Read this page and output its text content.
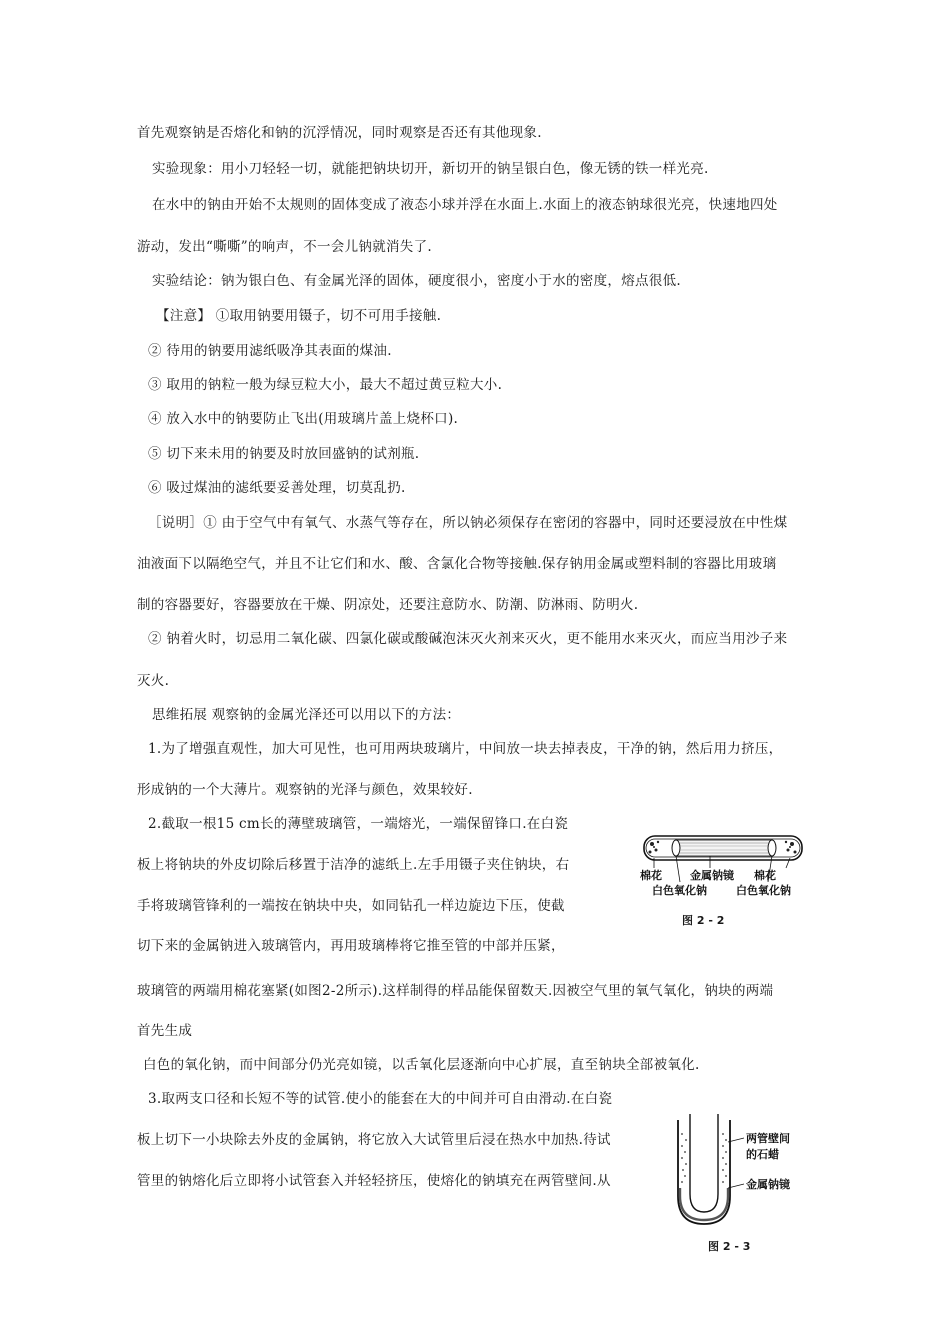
首先观察钠是否熔化和钠的沉浮情况，同时观察是否还有其他现象.
实验现象：用小刀轻轻一切，就能把钠块切开，新切开的钠呈银白色，像无锈的铁一样光亮.
在水中的钠由开始不太规则的固体变成了液态小球并浮在水面上.水面上的液态钠球很光亮，快速地四处
游动，发出“嘶嘶”的响声，不一会儿钠就消失了.
实验结论：钠为银白色、有金属光泽的固体，硬度很小，密度小于水的密度，熔点很低.
【注意】 ①取用钠要用镊子，切不可用手接触.
② 待用的钠要用滤纸吸净其表面的煤油.
③ 取用的钠粒一般为绿豆粒大小，最大不超过黄豆粒大小.
④ 放入水中的钠要防止飞出(用玻璃片盖上烧杯口).
⑤ 切下来未用的钠要及时放回盛钠的试剂瓶.
⑥ 吸过煤油的滤纸要妥善处理，切莫乱扔.
［说明］① 由于空气中有氧气、水蒸气等存在，所以钠必须保存在密闭的容器中，同时还要浸放在中性煤
油液面下以隔绝空气，并且不让它们和水、酸、含氯化合物等接触.保存钠用金属或塑料制的容器比用玻璃
制的容器要好，容器要放在干燥、阴凉处，还要注意防水、防潮、防淋雨、防明火.
② 钠着火时，切忌用二氧化碳、四氯化碳或酸碱泡沫灭火剂来灭火，更不能用水来灭火，而应当用沙子来
灭火.
思维拓展 观察钠的金属光泽还可以用以下的方法：
1.为了增强直观性，加大可见性，也可用两块玻璃片，中间放一块去掉表皮，干净的钠，然后用力挤压，
形成钠的一个大薄片。观察钠的光泽与颜色，效果较好.
2.截取一根15 cm长的薄壁玻璃管，一端熔光，一端保留锋口.在白瓷
板上将钠块的外皮切除后移置于洁净的滤纸上.左手用镊子夹住钠块，右
手将玻璃管锋利的一端按在钠块中央，如同钻孔一样边旋边下压，使截
切下来的金属钠进入玻璃管内，再用玻璃棒将它推至管的中部并压紧，
玻璃管的两端用棉花塞紧(如图2-2所示).这样制得的样品能保留数天.因被空气里的氧气氧化，钠块的两端
首先生成
白色的氧化钠，而中间部分仍光亮如镜，以舌氧化层逐渐向中心扩展，直至钠块全部被氧化.
3.取两支口径和长短不等的试管.使小的能套在大的中间并可自由滑动.在白瓷
板上切下一小块除去外皮的金属钠，将它放入大试管里后浸在热水中加热.待试
管里的钠熔化后立即将小试管套入并轻轻挤压，使熔化的钠填充在两管壁间.从
棉花	金属钠镜 棉花
白色氧化钠	白色氧化钠
图 2 - 2
两管壁间
的石蜡
金属钠镜
图 2 - 3
